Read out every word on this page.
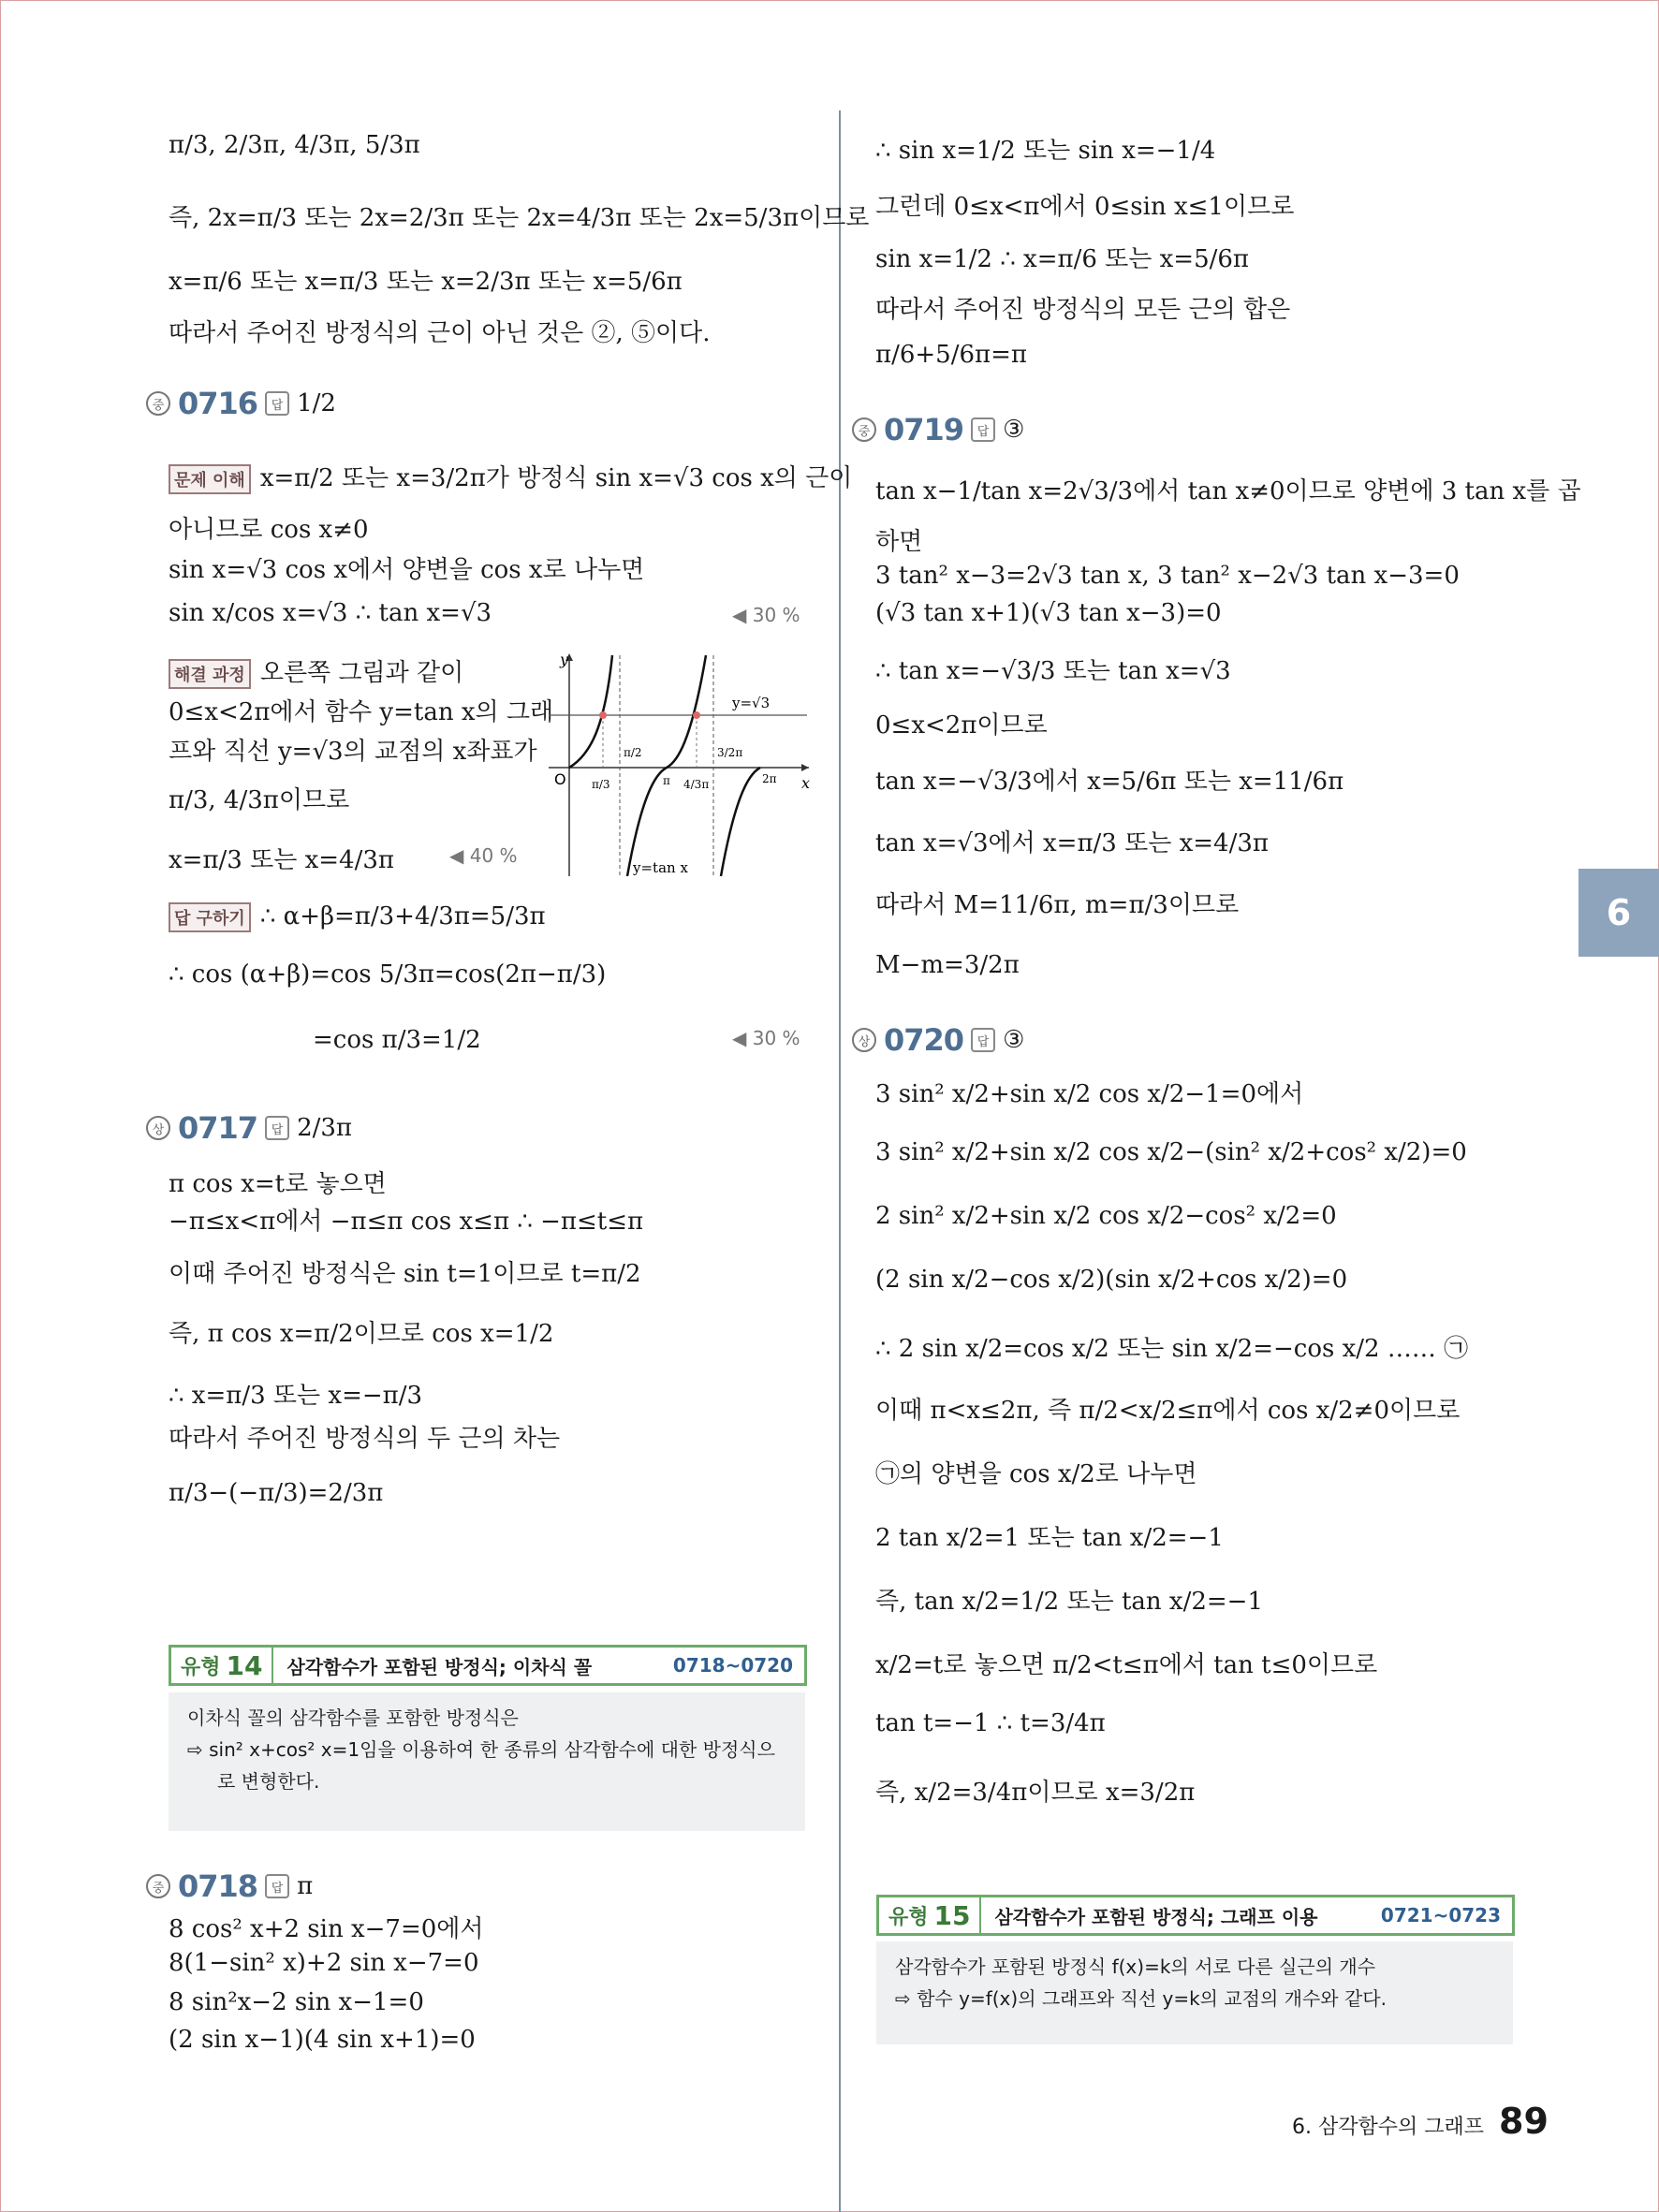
π/3, 2/3π, 4/3π, 5/3π
즉, 2x=π/3 또는 2x=2/3π 또는 2x=4/3π 또는 2x=5/3π이므로
x=π/6 또는 x=π/3 또는 x=2/3π 또는 x=5/6π
따라서 주어진 방정식의 근이 아닌 것은 ②, ⑤이다.
중 0716	답 1/2
문제 이해 x=π/2 또는 x=3/2π가 방정식 sin x=√3 cos x의 근이
아니므로 cos x≠0
sin x=√3 cos x에서 양변을 cos x로 나누면
sin x/cos x=√3 ∴ tan x=√3	◀ 30 %
해결 과정 오른쪽 그림과 같이
0≤x<2π에서 함수 y=tan x의 그래
프와 직선 y=√3의 교점의 x좌표가
π/3, 4/3π이므로
x=π/3 또는 x=4/3π	◀ 40 %
y
x
O
y=√3
y=tan x
π/3
π/2
π 4/3π
3/2π
2π
답 구하기 ∴ α+β=π/3+4/3π=5/3π
∴ cos (α+β)=cos 5/3π=cos(2π−π/3)
=cos π/3=1/2	◀ 30 %
상 0717	답 2/3π
π cos x=t로 놓으면
−π≤x<π에서 −π≤π cos x≤π ∴ −π≤t≤π
이때 주어진 방정식은 sin t=1이므로 t=π/2
즉, π cos x=π/2이므로 cos x=1/2
∴ x=π/3 또는 x=−π/3
따라서 주어진 방정식의 두 근의 차는
π/3−(−π/3)=2/3π
유형 14	삼각함수가 포함된 방정식; 이차식 꼴	0718~0720
이차식 꼴의 삼각함수를 포함한 방정식은
⇨ sin² x+cos² x=1임을 이용하여 한 종류의 삼각함수에 대한 방정식으
로 변형한다.
중 0718	답 π
8 cos² x+2 sin x−7=0에서
8(1−sin² x)+2 sin x−7=0
8 sin²x−2 sin x−1=0
(2 sin x−1)(4 sin x+1)=0
∴ sin x=1/2 또는 sin x=−1/4
그런데 0≤x<π에서 0≤sin x≤1이므로
sin x=1/2 ∴ x=π/6 또는 x=5/6π
따라서 주어진 방정식의 모든 근의 합은
π/6+5/6π=π
중 0719	답 ③
tan x−1/tan x=2√3/3에서 tan x≠0이므로 양변에 3 tan x를 곱
하면
3 tan² x−3=2√3 tan x, 3 tan² x−2√3 tan x−3=0
(√3 tan x+1)(√3 tan x−3)=0
∴ tan x=−√3/3 또는 tan x=√3
0≤x<2π이므로
tan x=−√3/3에서 x=5/6π 또는 x=11/6π
tan x=√3에서 x=π/3 또는 x=4/3π
따라서 M=11/6π, m=π/3이므로
M−m=3/2π
상 0720	답 ③
3 sin² x/2+sin x/2 cos x/2−1=0에서
3 sin² x/2+sin x/2 cos x/2−(sin² x/2+cos² x/2)=0
2 sin² x/2+sin x/2 cos x/2−cos² x/2=0
(2 sin x/2−cos x/2)(sin x/2+cos x/2)=0
∴ 2 sin x/2=cos x/2 또는 sin x/2=−cos x/2 …… ㉠
이때 π<x≤2π, 즉 π/2<x/2≤π에서 cos x/2≠0이므로
㉠의 양변을 cos x/2로 나누면
2 tan x/2=1 또는 tan x/2=−1
즉, tan x/2=1/2 또는 tan x/2=−1
x/2=t로 놓으면 π/2<t≤π에서 tan t≤0이므로
tan t=−1 ∴ t=3/4π
즉, x/2=3/4π이므로 x=3/2π
유형 15	삼각함수가 포함된 방정식; 그래프 이용	0721~0723
삼각함수가 포함된 방정식 f(x)=k의 서로 다른 실근의 개수
⇨ 함수 y=f(x)의 그래프와 직선 y=k의 교점의 개수와 같다.
6
6. 삼각함수의 그래프 89
